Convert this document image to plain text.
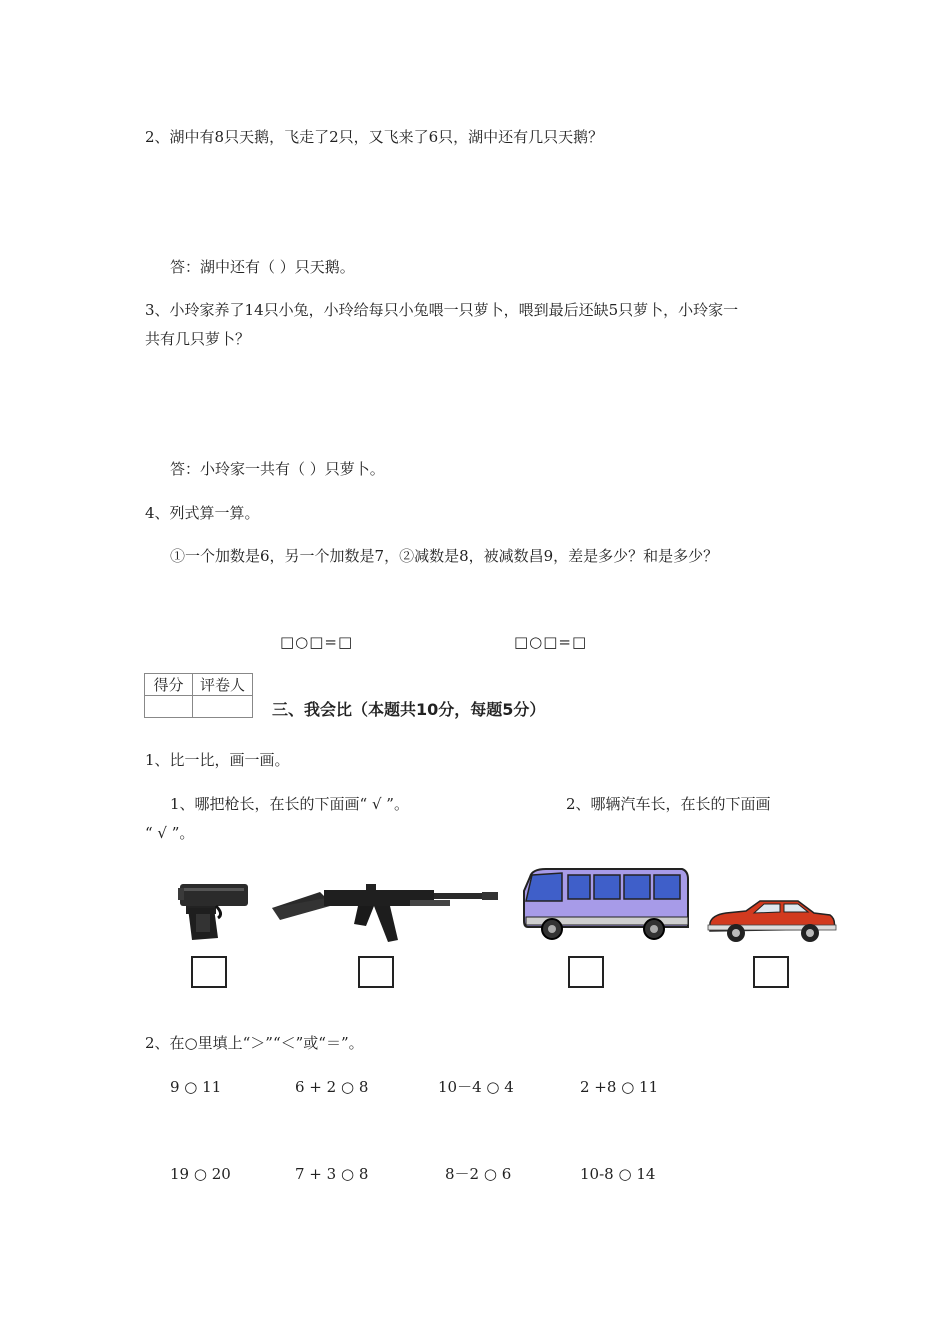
2、湖中有8只天鹅，飞走了2只，又飞来了6只，湖中还有几只天鹅？
答：湖中还有（ ）只天鹅。
3、小玲家养了14只小兔，小玲给每只小兔喂一只萝卜，喂到最后还缺5只萝卜，小玲家一
共有几只萝卜？
答：小玲家一共有（ ）只萝卜。
4、列式算一算。
①一个加数是6，另一个加数是7，②减数是8，被减数昌9，差是多少？和是多少？
□○□=□	□○□=□
得分	评卷人

三、我会比（本题共10分，每题5分）
1、比一比，画一画。
1、哪把枪长，在长的下面画“ √ ”。	2、哪辆汽车长，在长的下面画
“ √ ”。
2、在○里填上“＞”“＜”或“＝”。
9 ○ 11	6 + 2 ○ 8	10－4 ○ 4	2 +8 ○ 11
19 ○ 20	7 + 3 ○ 8	8－2 ○ 6	10-8 ○ 14
